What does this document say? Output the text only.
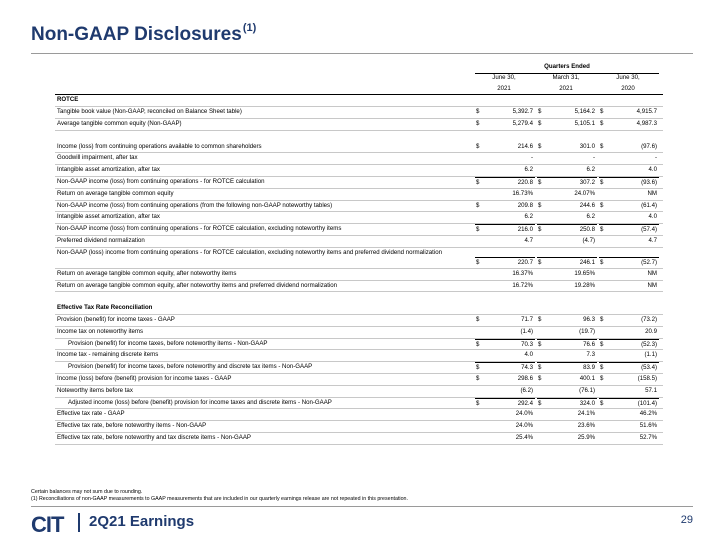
Non-GAAP Disclosures$^{(1)}$
Quarters Ended
June 30,	March 31,	June 30,
2021	2021	2020
ROTCE
Tangible book value (Non-GAAP, reconciled on Balance Sheet table)	$	5,392.7 $	5,164.2 $	4,915.7
Average tangible common equity (Non-GAAP)	$	5,279.4 $	5,105.1 $	4,987.3
Income (loss) from continuing operations available to common shareholders	$	214.6 $	301.0 $	(97.6)
Goodwill impairment, after tax	-	-	-
Intangible asset amortization, after tax	6.2	6.2	4.0
Non-GAAP income (loss) from continuing operations - for ROTCE calculation	$	220.8 $	307.2 $	(93.6)
Return on average tangible common equity	16.73%	24.07%	NM
Non-GAAP income (loss) from continuing operations (from the following non-GAAP noteworthy tables)	$	209.8 $	244.6 $	(61.4)
Intangible asset amortization, after tax	6.2	6.2	4.0
Non-GAAP income (loss) from continuing operations - for ROTCE calculation, excluding noteworthy items	$	216.0 $	250.8 $	(57.4)
Preferred dividend normalization	4.7	(4.7)	4.7
Non-GAAP (loss) income from continuing operations - for ROTCE calculation, excluding noteworthy items and preferred dividend normalization
$	220.7 $	246.1 $	(52.7)
Return on average tangible common equity, after noteworthy items	16.37%	19.65%	NM
Return on average tangible common equity, after noteworthy items and preferred dividend normalization	16.72%	19.28%	NM
Effective Tax Rate Reconciliation
Provision (benefit) for income taxes - GAAP	$	71.7 $	96.3 $	(73.2)
Income tax on noteworthy items	(1.4)	(19.7)	20.9
Provision (benefit) for income taxes, before noteworthy items - Non-GAAP	$	70.3 $	76.6 $	(52.3)
Income tax - remaining discrete items	4.0	7.3	(1.1)
Provision (benefit) for income taxes, before noteworthy and discrete tax items - Non-GAAP	$	74.3 $	83.9 $	(53.4)
Income (loss) before (benefit) provision for income taxes - GAAP	$	298.6 $	400.1 $	(158.5)
Noteworthy items before tax	(6.2)	(76.1)	57.1
Adjusted income (loss) before (benefit) provision for income taxes and discrete items - Non-GAAP	$	292.4 $	324.0 $	(101.4)
Effective tax rate - GAAP	24.0%	24.1%	46.2%
Effective tax rate, before noteworthy items - Non-GAAP	24.0%	23.6%	51.6%
Effective tax rate, before noteworthy and tax discrete items - Non-GAAP	25.4%	25.9%	52.7%
Certain balances may not sum due to rounding.
(1) Reconciliations of non-GAAP measurements to GAAP measurements that are included in our quarterly earnings release are not repeated in this presentation.
CIT 2Q21 Earnings	29
